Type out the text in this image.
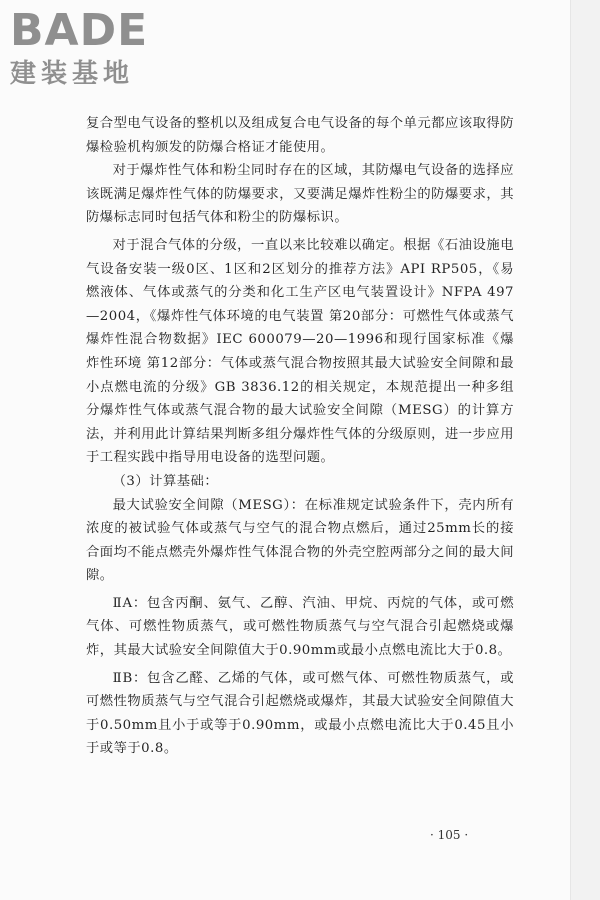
BADE
建装基地

复合型电气设备的整机以及组成复合电气设备的每个单元都应该取得防爆检验机构颁发的防爆合格证才能使用。

对于爆炸性气体和粉尘同时存在的区域，其防爆电气设备的选择应该既满足爆炸性气体的防爆要求，又要满足爆炸性粉尘的防爆要求，其防爆标志同时包括气体和粉尘的防爆标识。

对于混合气体的分级，一直以来比较难以确定。根据《石油设施电气设备安装一级0区、1区和2区划分的推荐方法》API RP505，《易燃液体、气体或蒸气的分类和化工生产区电气装置设计》NFPA 497—2004，《爆炸性气体环境的电气装置 第20部分：可燃性气体或蒸气爆炸性混合物数据》IEC 600079—20—1996和现行国家标准《爆炸性环境 第12部分：气体或蒸气混合物按照其最大试验安全间隙和最小点燃电流的分级》GB 3836.12的相关规定，本规范提出一种多组分爆炸性气体或蒸气混合物的最大试验安全间隙（MESG）的计算方法，并利用此计算结果判断多组分爆炸性气体的分级原则，进一步应用于工程实践中指导用电设备的选型问题。

（3）计算基础：

最大试验安全间隙（MESG）：在标准规定试验条件下，壳内所有浓度的被试验气体或蒸气与空气的混合物点燃后，通过25mm长的接合面均不能点燃壳外爆炸性气体混合物的外壳空腔两部分之间的最大间隙。

ⅡA：包含丙酮、氨气、乙醇、汽油、甲烷、丙烷的气体，或可燃气体、可燃性物质蒸气，或可燃性物质蒸气与空气混合引起燃烧或爆炸，其最大试验安全间隙值大于0.90mm或最小点燃电流比大于0.8。

ⅡB：包含乙醛、乙烯的气体，或可燃气体、可燃性物质蒸气，或可燃性物质蒸气与空气混合引起燃烧或爆炸，其最大试验安全间隙值大于0.50mm且小于或等于0.90mm，或最小点燃电流比大于0.45且小于或等于0.8。

· 105 ·
